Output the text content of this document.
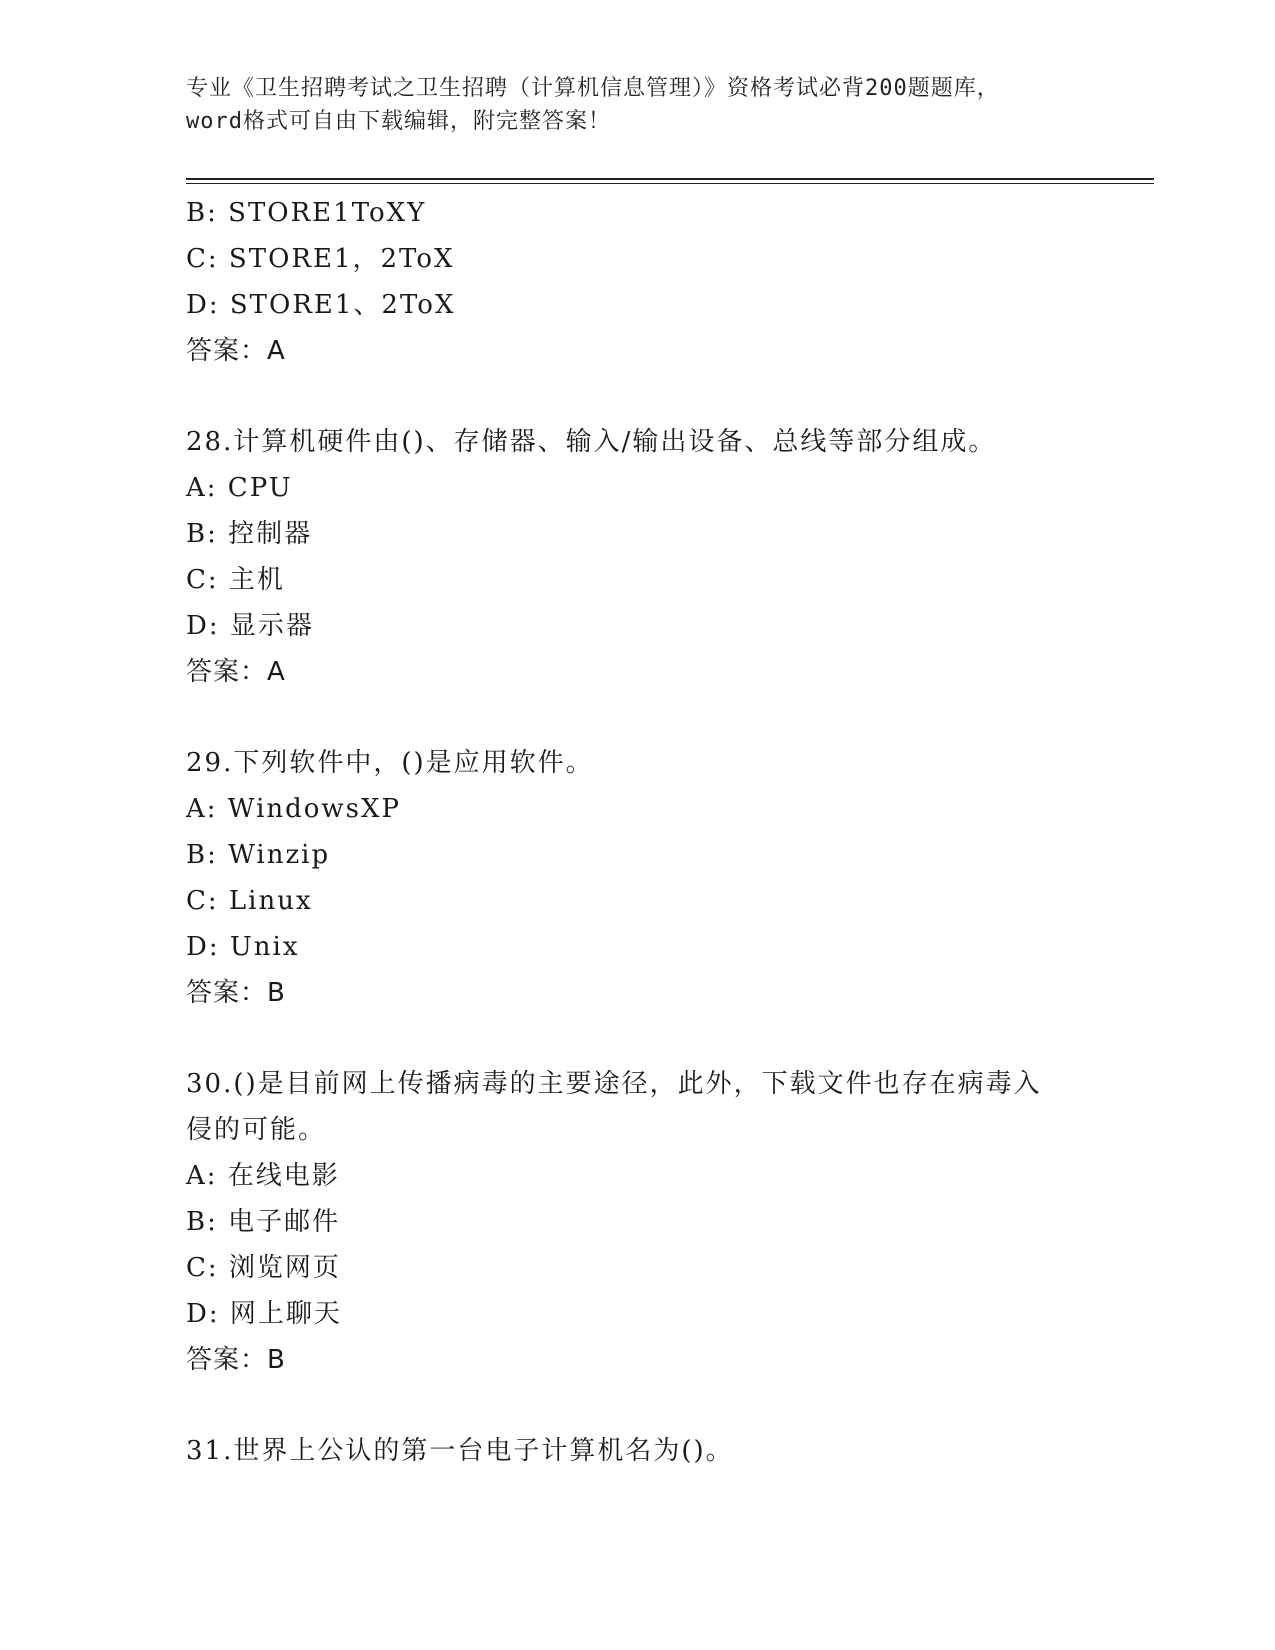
专业《卫生招聘考试之卫生招聘（计算机信息管理）》资格考试必背200题题库，
word格式可自由下载编辑，附完整答案！
B: STORE1ToXY
C: STORE1，2ToX
D: STORE1、2ToX
答案：A
28.计算机硬件由()、存储器、输入/输出设备、总线等部分组成。
A: CPU
B: 控制器
C: 主机
D: 显示器
答案：A
29.下列软件中，()是应用软件。
A: WindowsXP
B: Winzip
C: Linux
D: Unix
答案：B
30.()是目前网上传播病毒的主要途径，此外，下载文件也存在病毒入
侵的可能。
A: 在线电影
B: 电子邮件
C: 浏览网页
D: 网上聊天
答案：B
31.世界上公认的第一台电子计算机名为()。
